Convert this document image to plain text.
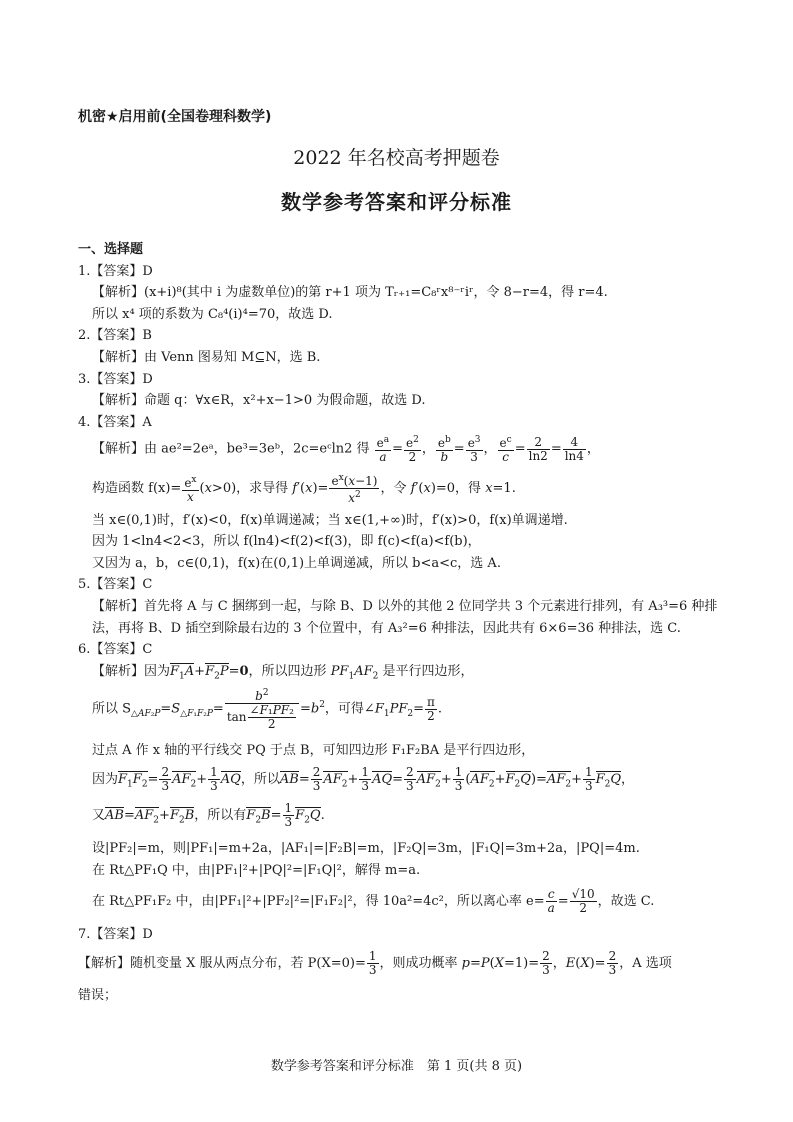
机密★启用前(全国卷理科数学)
2022 年名校高考押题卷
数学参考答案和评分标准
一、选择题
1.【答案】D
【解析】(x+i)⁸(其中 i 为虚数单位)的第 r+1 项为 Tᵣ₊₁=C₈ʳx⁸⁻ʳiʳ，令 8−r=4，得 r=4.
所以 x⁴ 项的系数为 C₈⁴(i)⁴=70，故选 D.
2.【答案】B
【解析】由 Venn 图易知 M⊆N，选 B.
3.【答案】D
【解析】命题 q：∀x∈R，x²+x−1>0 为假命题，故选 D.
4.【答案】A
【解析】由 ae²=2eᵃ，be³=3eᵇ，2c=eᶜln2 得 $\frac{e^a}{a} = \frac{e^2}{2}$ ， $\frac{e^b}{b} = \frac{e^3}{3}$ ， $\frac{e^c}{c} = \frac{2}{\ln 2} = \frac{4}{\ln 4}$ ，
构造函数 $f(x)= \frac{e^x}{x} (x>0)$，求导得 $f'(x)= \frac{e^x(x-1)}{x^2}$ ，令 f′(x)=0，得 x=1.
当 x∈(0,1)时，f′(x)<0，f(x)单调递减；当 x∈(1,+∞)时，f′(x)>0，f(x)单调递增.
因为 1<ln4<2<3，所以 f(ln4)<f(2)<f(3)，即 f(c)<f(a)<f(b)，
又因为 a，b，c∈(0,1)，f(x)在(0,1)上单调递减，所以 b<a<c，选 A.
5.【答案】C
【解析】首先将 A 与 C 捆绑到一起，与除 B、D 以外的其他 2 位同学共 3 个元素进行排列，有 A₃³=6 种排
法，再将 B、D 插空到除最右边的 3 个位置中，有 A₃²=6 种排法，因此共有 6×6=36 种排法，选 C.
6.【答案】C
【解析】因为$F_1A+F_2P=0$，所以四边形 $PF_1AF_2$ 是平行四边形，
所以 $S_{\triangle AF_2P}=S_{\triangle F_1F_2P}= \frac{b^2}{\tan \frac{\text{∠F₁PF₂}}{2}} =b^2$，可得$\angle F_1PF_2= \frac{\pi}{2}$ .
过点 A 作 x 轴的平行线交 PQ 于点 B，可知四边形 F₁F₂BA 是平行四边形，
因为$F_1F_2= \frac{2}{3} AF_2+ \frac{1}{3}$ AQ，所以$AB= \frac{2}{3} AF_2+ \frac{1}{3} AQ= \frac{2}{3} AF_2+ \frac{1}{3} (AF_2+F_2Q)=AF_2+ \frac{1}{3} F_2Q$，
又$AB=AF_2+F_2B$，所以有$F_2B= \frac{1}{3} F_2Q$.
设|PF₂|=m，则|PF₁|=m+2a，|AF₁|=|F₂B|=m，|F₂Q|=3m，|F₁Q|=3m+2a，|PQ|=4m.
在 Rt△PF₁Q 中，由|PF₁|²+|PQ|²=|F₁Q|²，解得 m=a.
在 Rt△PF₁F₂ 中，由|PF₁|²+|PF₂|²=|F₁F₂|²，得 10a²=4c²，所以离心率 $e= \frac{c}{a} = \frac{√10}{2}$ ，故选 C.
7.【答案】D
【解析】随机变量 X 服从两点分布，若 $P(X=0)= \frac{1}{3}$ ，则成功概率 $p=P(X=1)= \frac{2}{3}$ ，$E(X)= \frac{2}{3}$ ，A 选项
错误；
数学参考答案和评分标准　第 1 页(共 8 页)
